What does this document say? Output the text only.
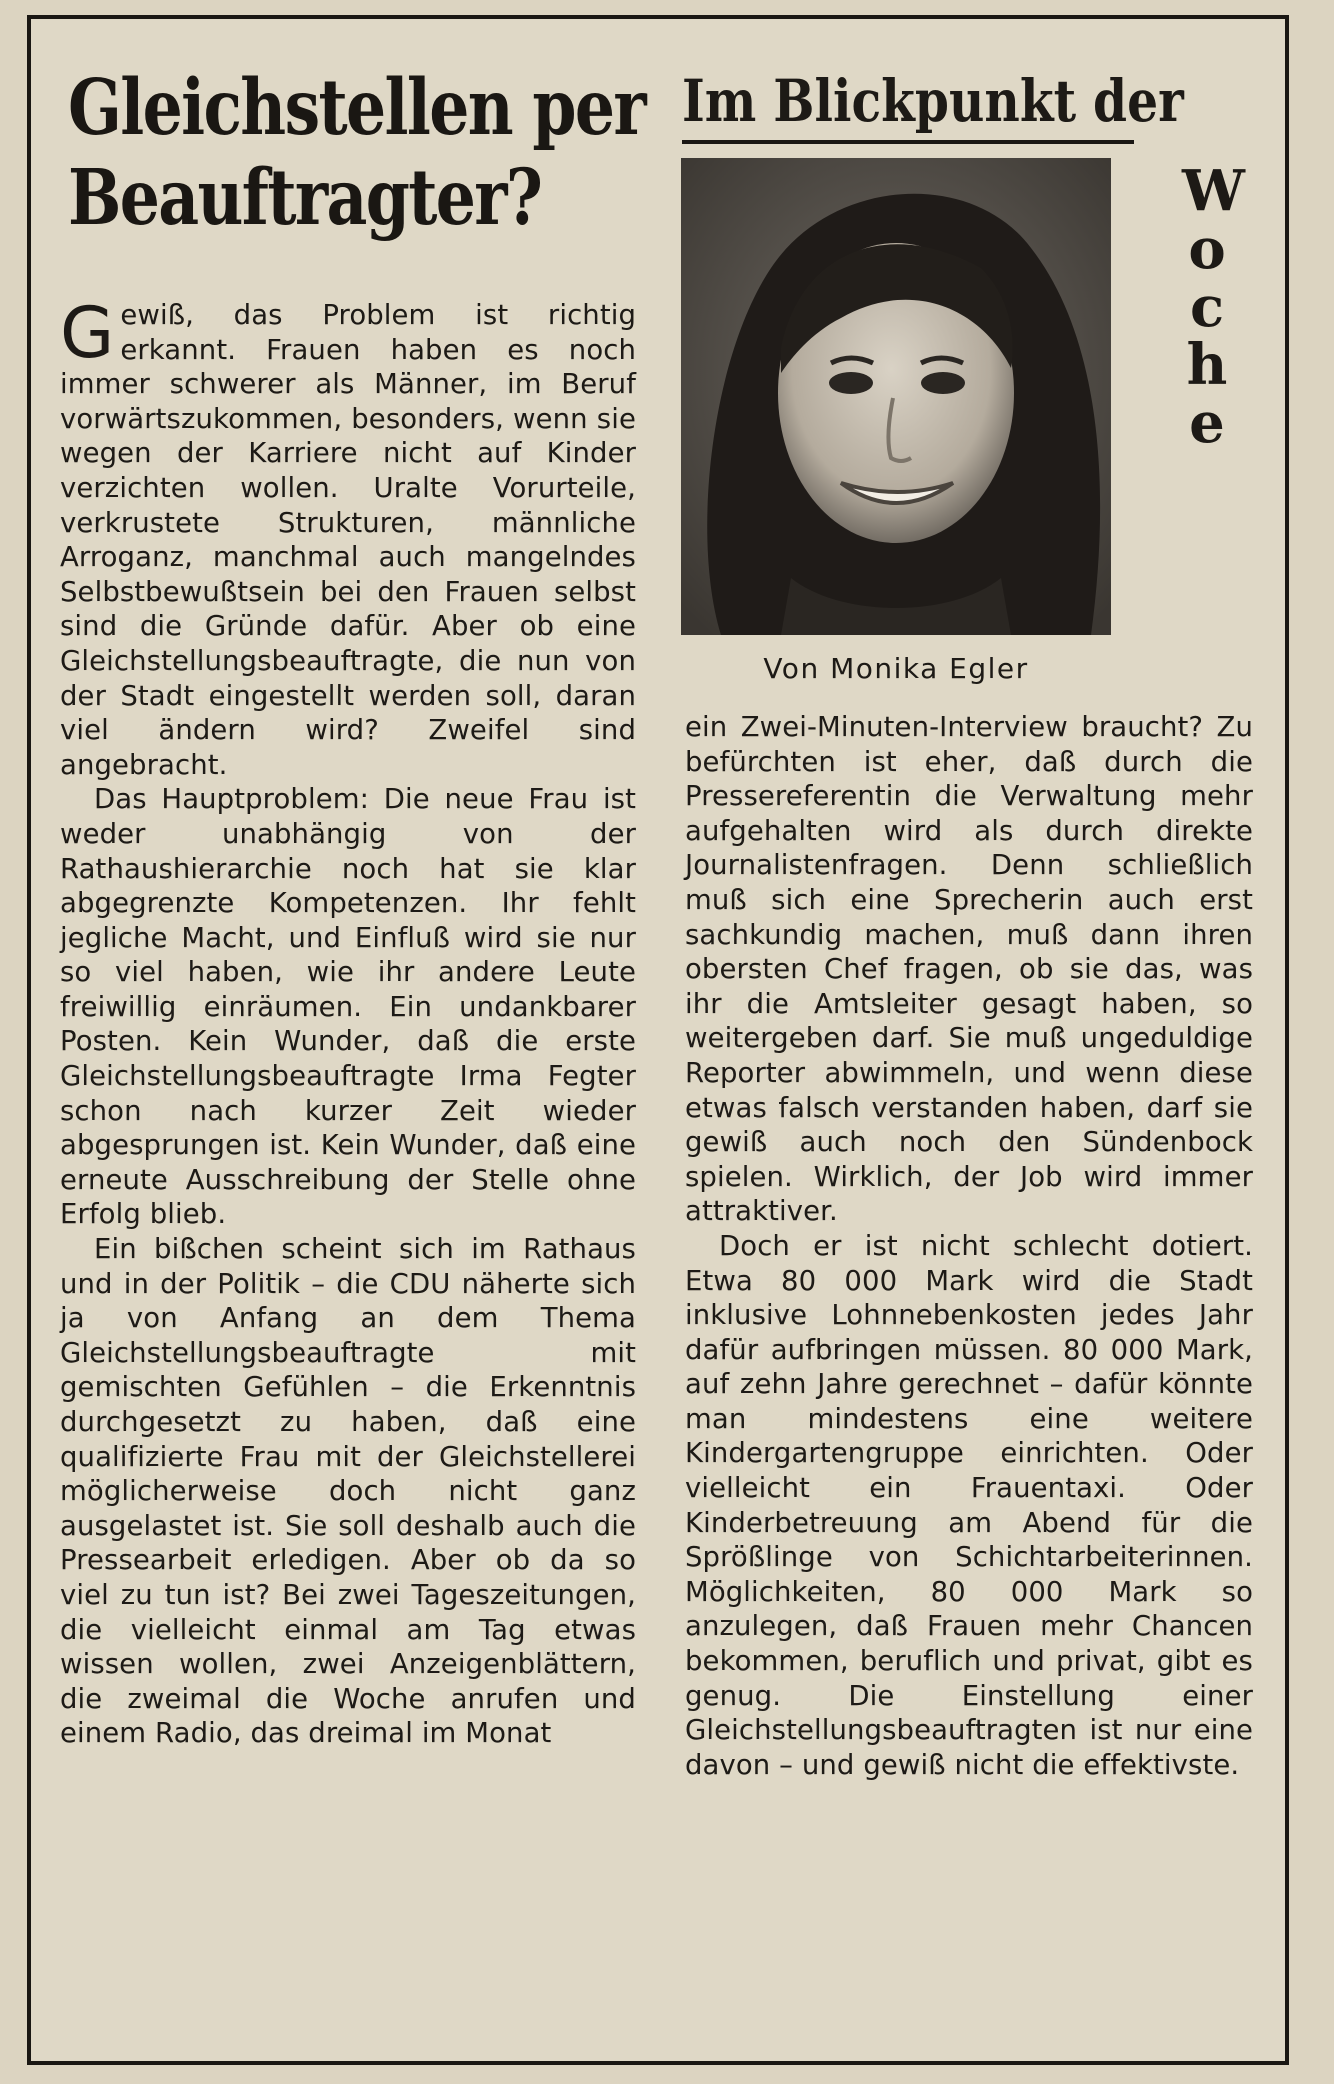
Gleichstellen per
Beauftragter?

Gewiß, das Problem ist richtig erkannt. Frauen haben es noch immer schwerer als Männer, im Beruf vorwärtszukommen, besonders, wenn sie wegen der Karriere nicht auf Kinder verzichten wollen. Uralte Vorurteile, verkrustete Strukturen, männliche Arroganz, manchmal auch mangelndes Selbstbewußtsein bei den Frauen selbst sind die Gründe dafür. Aber ob eine Gleichstellungsbeauftragte, die nun von der Stadt eingestellt werden soll, daran viel ändern wird? Zweifel sind angebracht.

Das Hauptproblem: Die neue Frau ist weder unabhängig von der Rathaushierarchie noch hat sie klar abgegrenzte Kompetenzen. Ihr fehlt jegliche Macht, und Einfluß wird sie nur so viel haben, wie ihr andere Leute freiwillig einräumen. Ein undankbarer Posten. Kein Wunder, daß die erste Gleichstellungsbeauftragte Irma Fegter schon nach kurzer Zeit wieder abgesprungen ist. Kein Wunder, daß eine erneute Ausschreibung der Stelle ohne Erfolg blieb.

Ein bißchen scheint sich im Rathaus und in der Politik – die CDU näherte sich ja von Anfang an dem Thema Gleichstellungsbeauftragte mit gemischten Gefühlen – die Erkenntnis durchgesetzt zu haben, daß eine qualifizierte Frau mit der Gleichstellerei möglicherweise doch nicht ganz ausgelastet ist. Sie soll deshalb auch die Pressearbeit erledigen. Aber ob da so viel zu tun ist? Bei zwei Tageszeitungen, die vielleicht einmal am Tag etwas wissen wollen, zwei Anzeigenblättern, die zweimal die Woche anrufen und einem Radio, das dreimal im Monat

Im Blickpunkt der
W
o
c
h
e
Von Monika Egler

ein Zwei-Minuten-Interview braucht? Zu befürchten ist eher, daß durch die Pressereferentin die Verwaltung mehr aufgehalten wird als durch direkte Journalistenfragen. Denn schließlich muß sich eine Sprecherin auch erst sachkundig machen, muß dann ihren obersten Chef fragen, ob sie das, was ihr die Amtsleiter gesagt haben, so weitergeben darf. Sie muß ungeduldige Reporter abwimmeln, und wenn diese etwas falsch verstanden haben, darf sie gewiß auch noch den Sündenbock spielen. Wirklich, der Job wird immer attraktiver.

Doch er ist nicht schlecht dotiert. Etwa 80 000 Mark wird die Stadt inklusive Lohnnebenkosten jedes Jahr dafür aufbringen müssen. 80 000 Mark, auf zehn Jahre gerechnet – dafür könnte man mindestens eine weitere Kindergartengruppe einrichten. Oder vielleicht ein Frauentaxi. Oder Kinderbetreuung am Abend für die Sprößlinge von Schichtarbeiterinnen. Möglichkeiten, 80 000 Mark so anzulegen, daß Frauen mehr Chancen bekommen, beruflich und privat, gibt es genug. Die Einstellung einer Gleichstellungsbeauftragten ist nur eine davon – und gewiß nicht die effektivste.
